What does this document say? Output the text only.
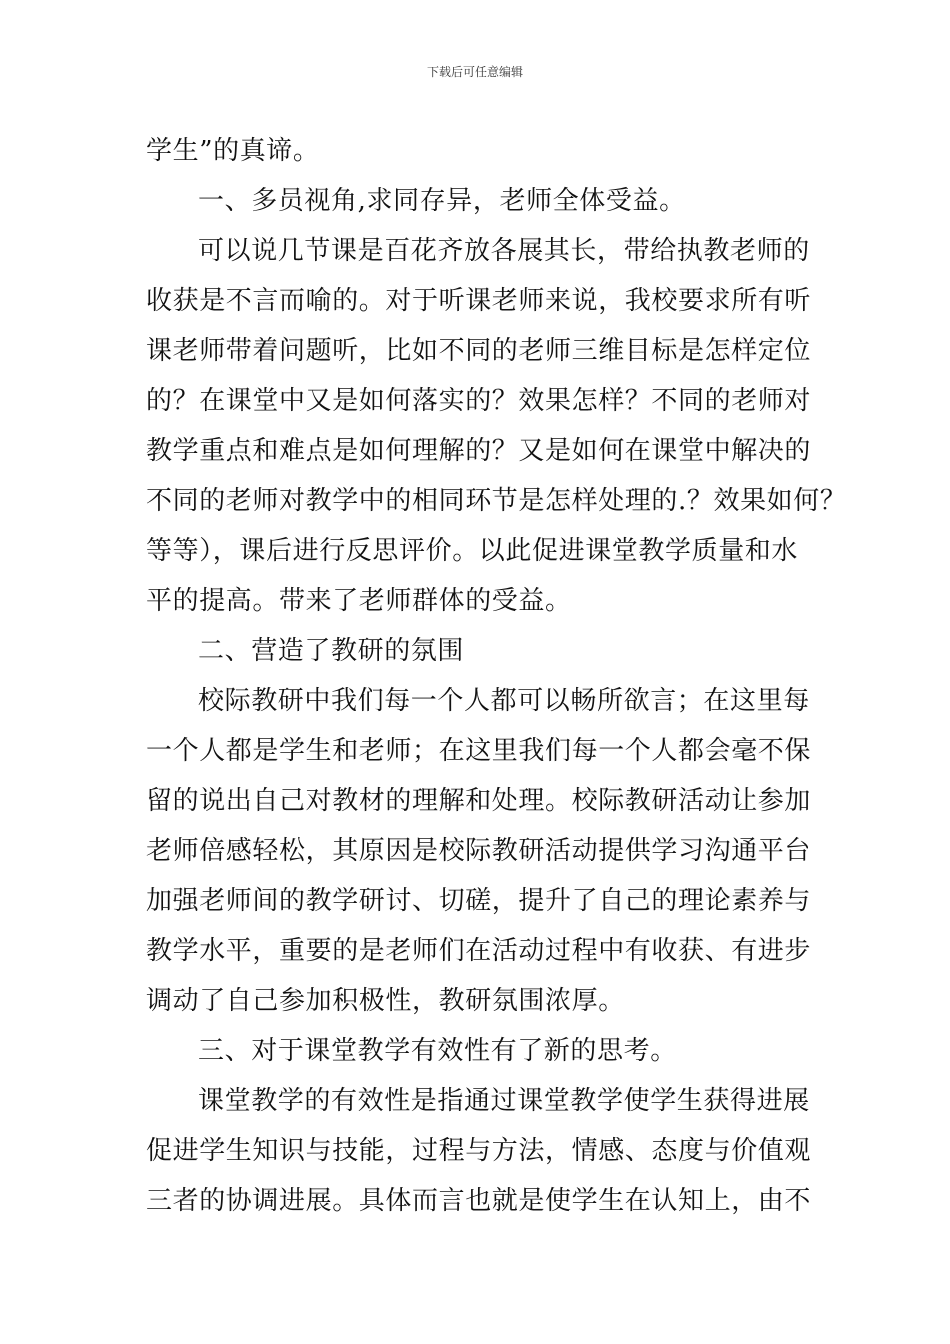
下载后可任意编辑
学生”的真谛。
一、多员视角,求同存异，老师全体受益。
可以说几节课是百花齐放各展其长，带给执教老师的
收获是不言而喻的。对于听课老师来说，我校要求所有听
课老师带着问题听，比如不同的老师三维目标是怎样定位
的？在课堂中又是如何落实的？效果怎样？不同的老师对
教学重点和难点是如何理解的？又是如何在课堂中解决的
不同的老师对教学中的相同环节是怎样处理的.？效果如何？
等等），课后进行反思评价。以此促进课堂教学质量和水
平的提高。带来了老师群体的受益。
二、营造了教研的氛围
校际教研中我们每一个人都可以畅所欲言；在这里每
一个人都是学生和老师；在这里我们每一个人都会毫不保
留的说出自己对教材的理解和处理。校际教研活动让参加
老师倍感轻松，其原因是校际教研活动提供学习沟通平台
加强老师间的教学研讨、切磋，提升了自己的理论素养与
教学水平，重要的是老师们在活动过程中有收获、有进步
调动了自己参加积极性，教研氛围浓厚。
三、对于课堂教学有效性有了新的思考。
课堂教学的有效性是指通过课堂教学使学生获得进展
促进学生知识与技能，过程与方法，情感、态度与价值观
三者的协调进展。具体而言也就是使学生在认知上，由不
